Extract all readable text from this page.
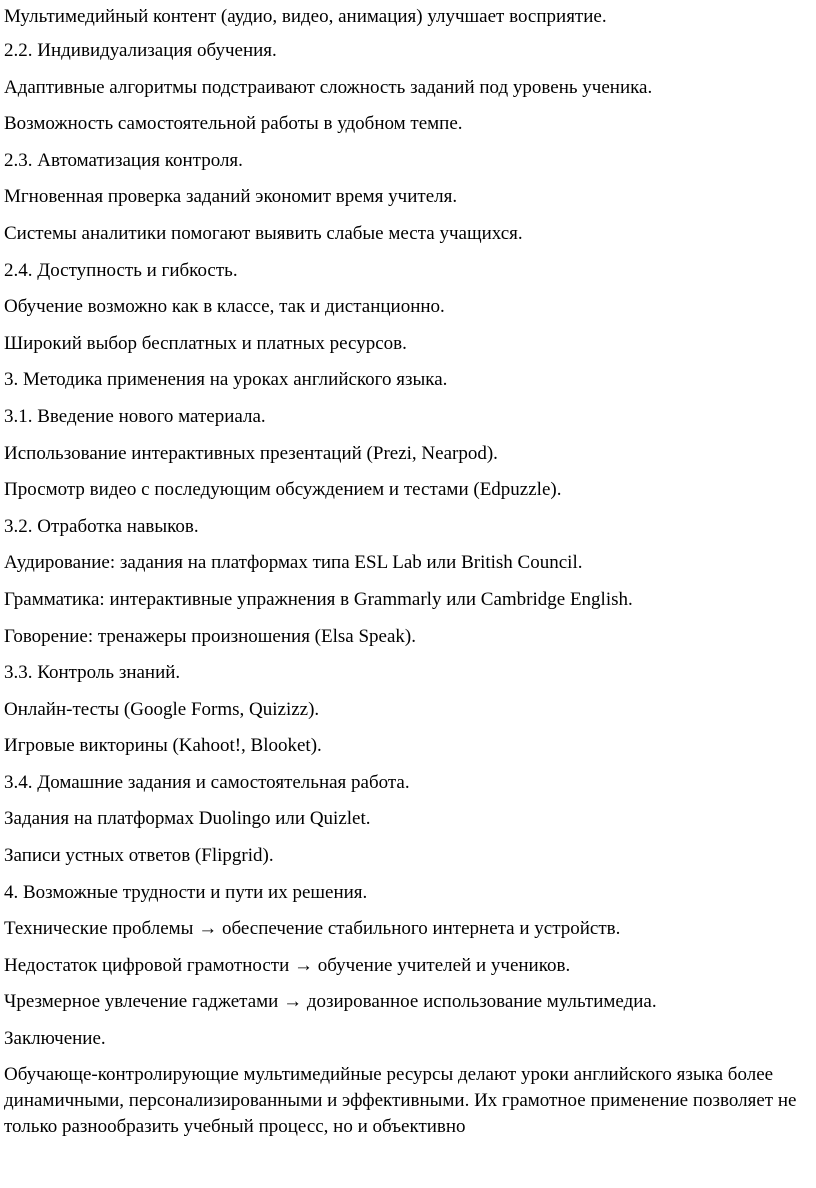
Мультимедийный контент (аудио, видео, анимация) улучшает восприятие.
2.2. Индивидуализация обучения.
Адаптивные алгоритмы подстраивают сложность заданий под уровень ученика.
Возможность самостоятельной работы в удобном темпе.
2.3. Автоматизация контроля.
Мгновенная проверка заданий экономит время учителя.
Системы аналитики помогают выявить слабые места учащихся.
2.4. Доступность и гибкость.
Обучение возможно как в классе, так и дистанционно.
Широкий выбор бесплатных и платных ресурсов.
3. Методика применения на уроках английского языка.
3.1. Введение нового материала.
Использование интерактивных презентаций (Prezi, Nearpod).
Просмотр видео с последующим обсуждением и тестами (Edpuzzle).
3.2. Отработка навыков.
Аудирование: задания на платформах типа ESL Lab или British Council.
Грамматика: интерактивные упражнения в Grammarly или Cambridge English.
Говорение: тренажеры произношения (Elsa Speak).
3.3. Контроль знаний.
Онлайн-тесты (Google Forms, Quizizz).
Игровые викторины (Kahoot!, Blooket).
3.4. Домашние задания и самостоятельная работа.
Задания на платформах Duolingo или Quizlet.
Записи устных ответов (Flipgrid).
4. Возможные трудности и пути их решения.
Технические проблемы → обеспечение стабильного интернета и устройств.
Недостаток цифровой грамотности → обучение учителей и учеников.
Чрезмерное увлечение гаджетами → дозированное использование мультимедиа.
Заключение.
Обучающе-контролирующие мультимедийные ресурсы делают уроки английского языка более динамичными, персонализированными и эффективными. Их грамотное применение позволяет не только разнообразить учебный процесс, но и объективно
